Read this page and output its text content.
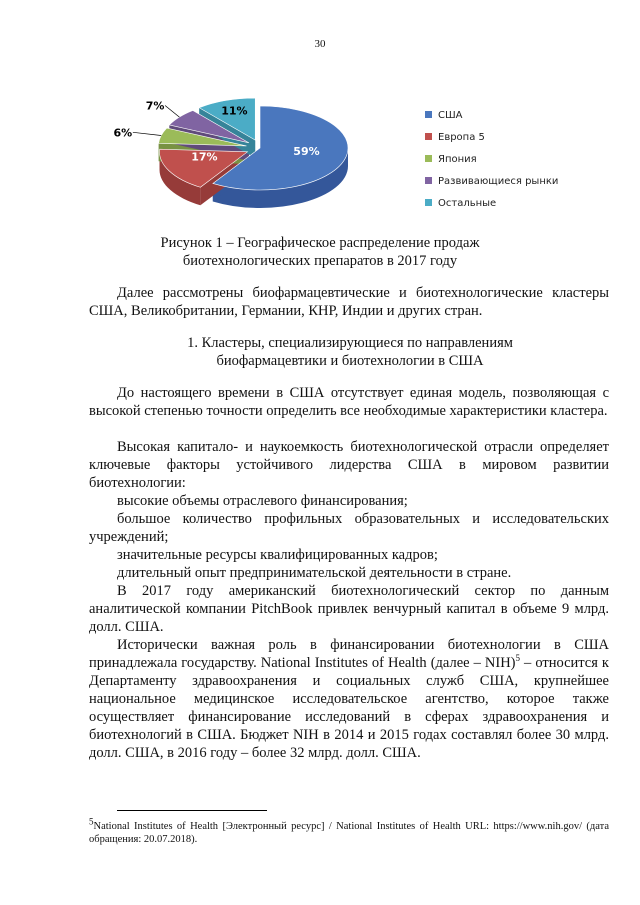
30
59%
17%
6%
7%	11%	США
Европа 5
Япония
Развивающиеся рынки
Остальные
Рисунок 1 – Географическое распределение продаж
биотехнологических препаратов в 2017 году
Далее рассмотрены биофармацевтические и биотехнологические кластеры США, Великобритании, Германии, КНР, Индии и других стран.
1. Кластеры, специализирующиеся по направлениям
биофармацевтики и биотехнологии в США
До настоящего времени в США отсутствует единая модель, позволяющая с высокой степенью точности определить все необходимые характеристики кластера.
Высокая капитало- и наукоемкость биотехнологической отрасли определяет ключевые факторы устойчивого лидерства США в мировом развитии биотехнологии:
высокие объемы отраслевого финансирования;
большое количество профильных образовательных и исследовательских учреждений;
значительные ресурсы квалифицированных кадров;
длительный опыт предпринимательской деятельности в стране.
В 2017 году американский биотехнологический сектор по данным аналитической компании PitchBook привлек венчурный капитал в объеме 9 млрд. долл. США.
Исторически важная роль в финансировании биотехнологии в США принадлежала государству. National Institutes of Health (далее – NIH)$^5$ – относится к Департаменту здравоохранения и социальных служб США, крупнейшее национальное медицинское исследовательское агентство, которое также осуществляет финансирование исследований в сферах здравоохранения и биотехнологий в США. Бюджет NIH в 2014 и 2015 годах составлял более 30 млрд. долл. США, в 2016 году – более 32 млрд. долл. США.
$^5$National Institutes of Health [Электронный ресурс] / National Institutes of Health URL: https://www.nih.gov/ (дата обращения: 20.07.2018).
